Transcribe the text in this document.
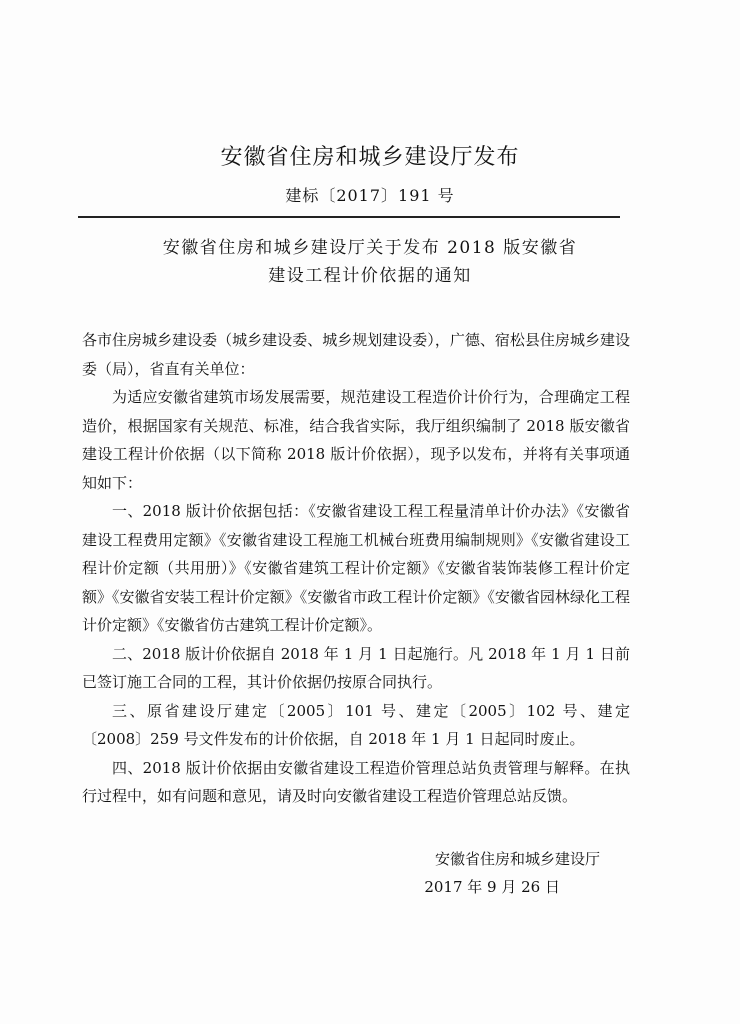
安徽省住房和城乡建设厅发布
建标〔2017〕191 号
安徽省住房和城乡建设厅关于发布 2018 版安徽省
建设工程计价依据的通知

各市住房城乡建设委（城乡建设委、城乡规划建设委），广德、宿松县住房城乡建设委（局），省直有关单位：

为适应安徽省建筑市场发展需要，规范建设工程造价计价行为，合理确定工程造价，根据国家有关规范、标准，结合我省实际，我厅组织编制了 2018 版安徽省建设工程计价依据（以下简称 2018 版计价依据），现予以发布，并将有关事项通知如下：

一、2018 版计价依据包括：《安徽省建设工程工程量清单计价办法》《安徽省建设工程费用定额》《安徽省建设工程施工机械台班费用编制规则》《安徽省建设工程计价定额（共用册）》《安徽省建筑工程计价定额》《安徽省装饰装修工程计价定额》《安徽省安装工程计价定额》《安徽省市政工程计价定额》《安徽省园林绿化工程计价定额》《安徽省仿古建筑工程计价定额》。

二、2018 版计价依据自 2018 年 1 月 1 日起施行。凡 2018 年 1 月 1 日前已签订施工合同的工程，其计价依据仍按原合同执行。

三、原省建设厅建定〔2005〕101 号、建定〔2005〕102 号、建定〔2008〕259 号文件发布的计价依据，自 2018 年 1 月 1 日起同时废止。

四、2018 版计价依据由安徽省建设工程造价管理总站负责管理与解释。在执行过程中，如有问题和意见，请及时向安徽省建设工程造价管理总站反馈。

安徽省住房和城乡建设厅
2017 年 9 月 26 日
